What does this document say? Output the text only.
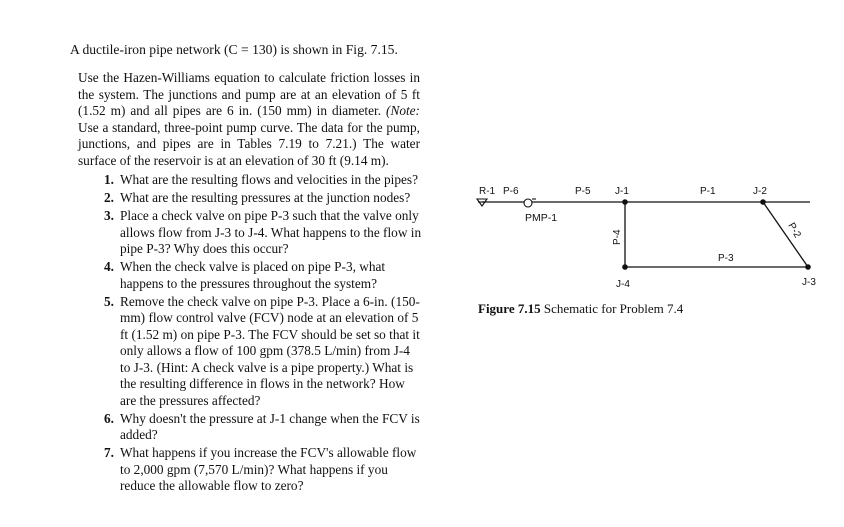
A ductile-iron pipe network (C = 130) is shown in Fig. 7.15.
Use the Hazen-Williams equation to calculate friction losses in the system. The junctions and pump are at an elevation of 5 ft (1.52 m) and all pipes are 6 in. (150 mm) in diameter. (Note: Use a standard, three-point pump curve. The data for the pump, junctions, and pipes are in Tables 7.19 to 7.21.) The water surface of the reservoir is at an elevation of 30 ft (9.14 m).
1. What are the resulting flows and velocities in the pipes?
2. What are the resulting pressures at the junction nodes?
3. Place a check valve on pipe P-3 such that the valve only allows flow from J-3 to J-4. What happens to the flow in pipe P-3? Why does this occur?
4. When the check valve is placed on pipe P-3, what happens to the pressures throughout the system?
5. Remove the check valve on pipe P-3. Place a 6-in. (150-mm) flow control valve (FCV) node at an elevation of 5 ft (1.52 m) on pipe P-3. The FCV should be set so that it only allows a flow of 100 gpm (378.5 L/min) from J-4 to J-3. (Hint: A check valve is a pipe property.) What is the resulting difference in flows in the network? How are the pressures affected?
6. Why doesn't the pressure at J-1 change when the FCV is added?
7. What happens if you increase the FCV's allowable flow to 2,000 gpm (7,570 L/min)? What happens if you reduce the allowable flow to zero?
R-1 P-6	P-5 J-1	P-1	J-2
PMP-1
P-4
P-3
P-2
J-4	J-3
Figure 7.15 Schematic for Problem 7.4
